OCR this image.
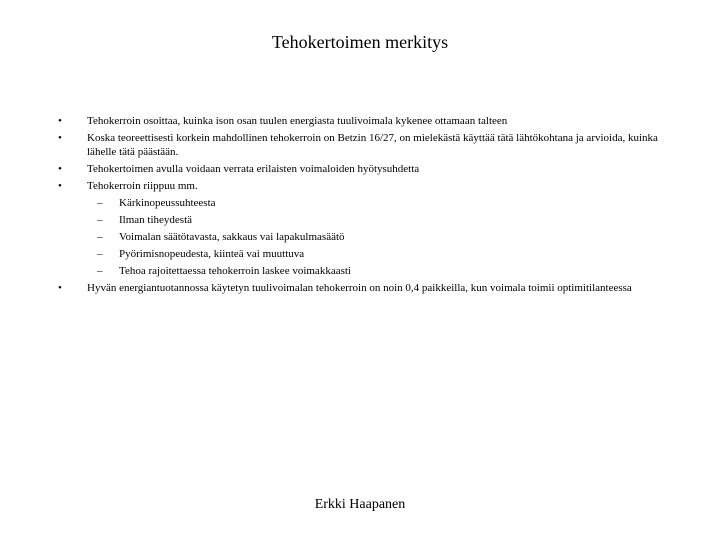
Tehokertoimen merkitys
•	Tehokerroin osoittaa, kuinka ison osan tuulen energiasta tuulivoimala kykenee ottamaan talteen
•	Koska teoreettisesti korkein mahdollinen tehokerroin on Betzin 16/27, on mielekästä käyttää tätä lähtökohtana ja arvioida, kuinka lähelle tätä päästään.
•	Tehokertoimen avulla voidaan verrata erilaisten voimaloiden hyötysuhdetta
•	Tehokerroin riippuu mm.
– Kärkinopeussuhteesta
– Ilman tiheydestä
– Voimalan säätötavasta, sakkaus vai lapakulmasäätö
– Pyörimisnopeudesta, kiinteä vai muuttuva
– Tehoa rajoitettaessa tehokerroin laskee voimakkaasti
•	Hyvän energiantuotannossa käytetyn tuulivoimalan tehokerroin on noin 0,4 paikkeilla, kun voimala toimii optimitilanteessa
Erkki Haapanen
